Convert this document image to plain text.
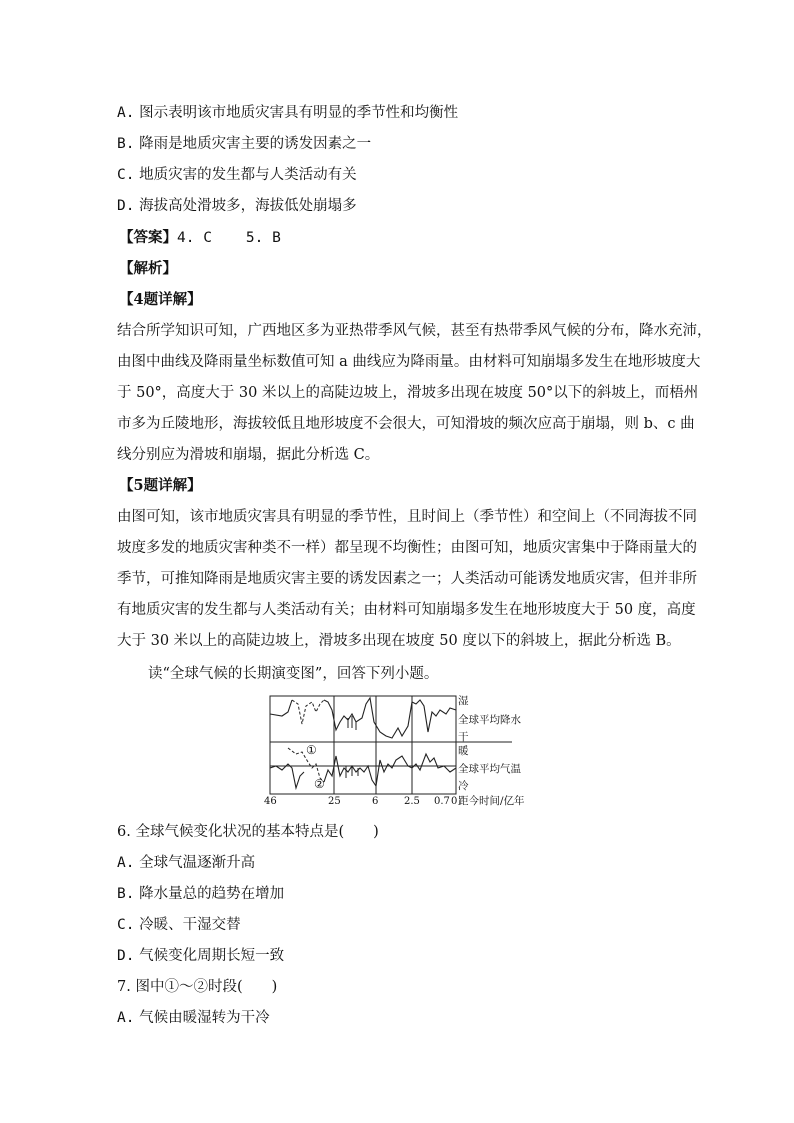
A. 图示表明该市地质灾害具有明显的季节性和均衡性
B. 降雨是地质灾害主要的诱发因素之一
C. 地质灾害的发生都与人类活动有关
D. 海拔高处滑坡多，海拔低处崩塌多
【答案】4. C 5. B
【解析】
【4题详解】
结合所学知识可知，广西地区多为亚热带季风气候，甚至有热带季风气候的分布，降水充沛，
由图中曲线及降雨量坐标数值可知 a 曲线应为降雨量。由材料可知崩塌多发生在地形坡度大
于 50°，高度大于 30 米以上的高陡边坡上，滑坡多出现在坡度 50°以下的斜坡上，而梧州
市多为丘陵地形，海拔较低且地形坡度不会很大，可知滑坡的频次应高于崩塌，则 b、c 曲
线分别应为滑坡和崩塌，据此分析选 C。
【5题详解】
由图可知，该市地质灾害具有明显的季节性，且时间上（季节性）和空间上（不同海拔不同
坡度多发的地质灾害种类不一样）都呈现不均衡性；由图可知，地质灾害集中于降雨量大的
季节，可推知降雨是地质灾害主要的诱发因素之一；人类活动可能诱发地质灾害，但并非所
有地质灾害的发生都与人类活动有关；由材料可知崩塌多发生在地形坡度大于 50 度，高度
大于 30 米以上的高陡边坡上，滑坡多出现在坡度 50 度以下的斜坡上，据此分析选 B。
读“全球气候的长期演变图”，回答下列小题。
①
②
湿
全球平均降水
干
暖
全球平均气温
冷
距今时间/亿年
46	25	6	2.5 0.7 0
6. 全球气候变化状况的基本特点是(　　)
A. 全球气温逐渐升高
B. 降水量总的趋势在增加
C. 冷暖、干湿交替
D. 气候变化周期长短一致
7. 图中①～②时段(　　)
A. 气候由暖湿转为干冷
